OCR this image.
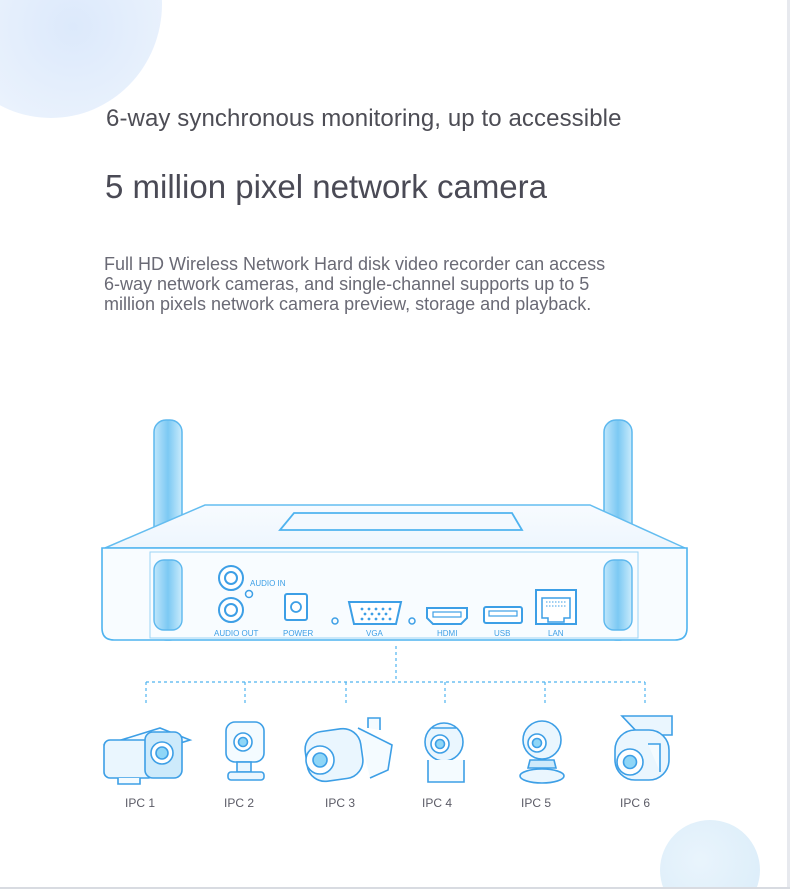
6-way synchronous monitoring, up to accessible
5 million pixel network camera

Full HD Wireless Network Hard disk video recorder can access
6-way network cameras, and single-channel supports up to 5
million pixels network camera preview, storage and playback.

AUDIO IN
AUDIO OUT	POWER	VGA	HDMI	USB	LAN
IPC 1	IPC 2	IPC 3	IPC 4	IPC 5	IPC 6
